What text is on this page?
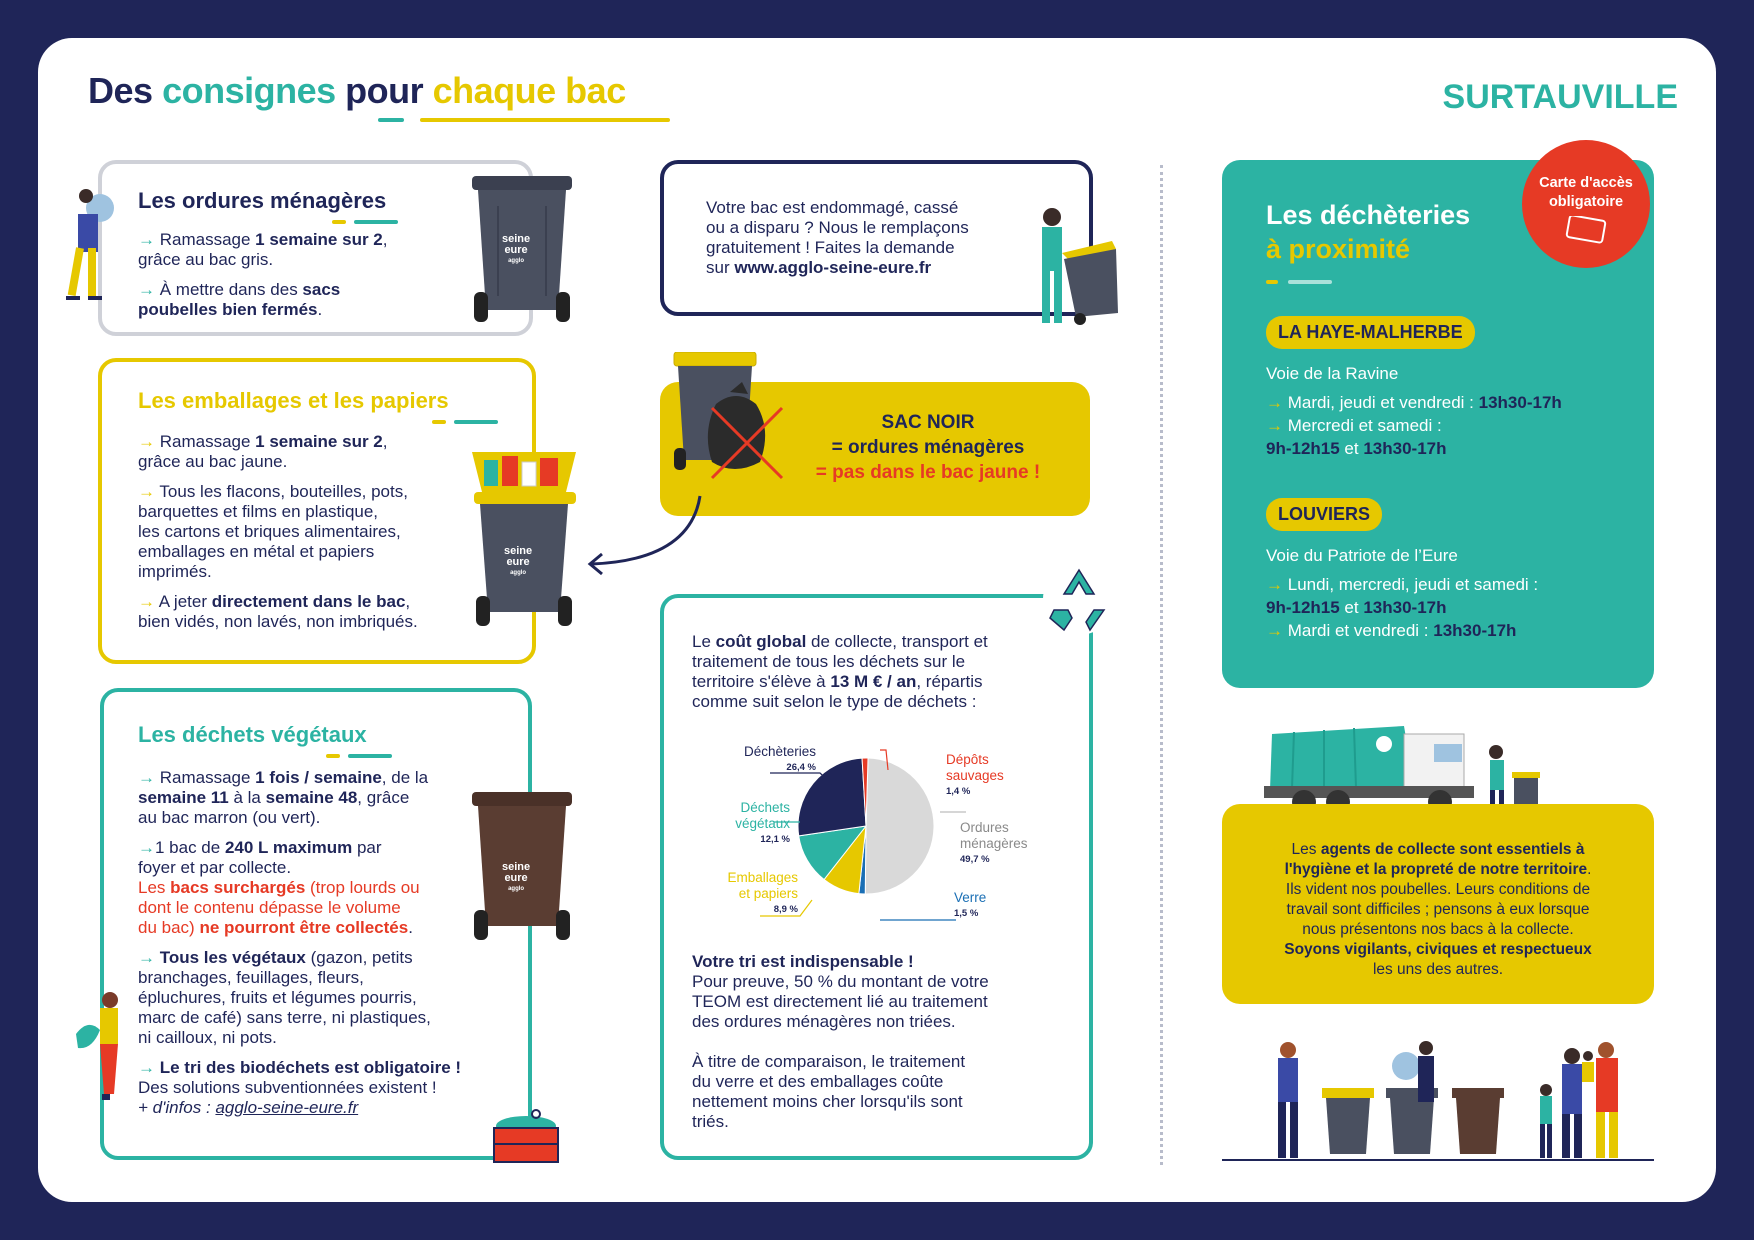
Des consignes pour chaque bac	SURTAUVILLE
Les ordures ménagères

→ Ramassage 1 semaine sur 2,
grâce au bac gris.

→ À mettre dans des sacs
poubelles bien fermés.

seine
eure
agglo
Les emballages et les papiers

→ Ramassage 1 semaine sur 2,
grâce au bac jaune.

→ Tous les flacons, bouteilles, pots,
barquettes et films en plastique,
les cartons et briques alimentaires,
emballages en métal et papiers
imprimés.

→ A jeter directement dans le bac,
bien vidés, non lavés, non imbriqués.

seine
eure
agglo
Les déchets végétaux

→ Ramassage 1 fois / semaine, de la
semaine 11 à la semaine 48, grâce
au bac marron (ou vert).

→1 bac de 240 L maximum par
foyer et par collecte.
Les bacs surchargés (trop lourds ou
dont le contenu dépasse le volume
du bac) ne pourront être collectés.

→ Tous les végétaux (gazon, petits
branchages, feuillages, fleurs,
épluchures, fruits et légumes pourris,
marc de café) sans terre, ni plastiques,
ni cailloux, ni pots.

→ Le tri des biodéchets est obligatoire !
Des solutions subventionnées existent !
+ d'infos : agglo-seine-eure.fr

seine
eure
agglo
Votre bac est endommagé, cassé
ou a disparu ? Nous le remplaçons
gratuitement ! Faites la demande
sur www.agglo-seine-eure.fr
SAC NOIR
= ordures ménagères
= pas dans le bac jaune !
Le coût global de collecte, transport et
traitement de tous les déchets sur le
territoire s'élève à 13 M € / an, répartis
comme suit selon le type de déchets :
Votre tri est indispensable !
Pour preuve, 50 % du montant de votre
TEOM est directement lié au traitement
des ordures ménagères non triées.
À titre de comparaison, le traitement
du verre et des emballages coûte
nettement moins cher lorsqu'ils sont
triés.
Déchèteries
26,4 %
Dépôts
sauvages
1,4 %
Déchets
végétaux
12,1 %
Ordures
ménagères
49,7 %
Emballages
et papiers
8,9 %
Verre
1,5 %
Les déchèteries
à proximité
Carte d'accès
obligatoire
LA HAYE-MALHERBE
Voie de la Ravine
→ Mardi, jeudi et vendredi : 13h30-17h
→ Mercredi et samedi :
9h-12h15 et 13h30-17h
LOUVIERS
Voie du Patriote de l’Eure
→ Lundi, mercredi, jeudi et samedi :
9h-12h15 et 13h30-17h
→ Mardi et vendredi : 13h30-17h
Les agents de collecte sont essentiels à
l'hygiène et la propreté de notre territoire.
Ils vident nos poubelles. Leurs conditions de
travail sont difficiles ; pensons à eux lorsque
nous présentons nos bacs à la collecte.
Soyons vigilants, civiques et respectueux
les uns des autres.
